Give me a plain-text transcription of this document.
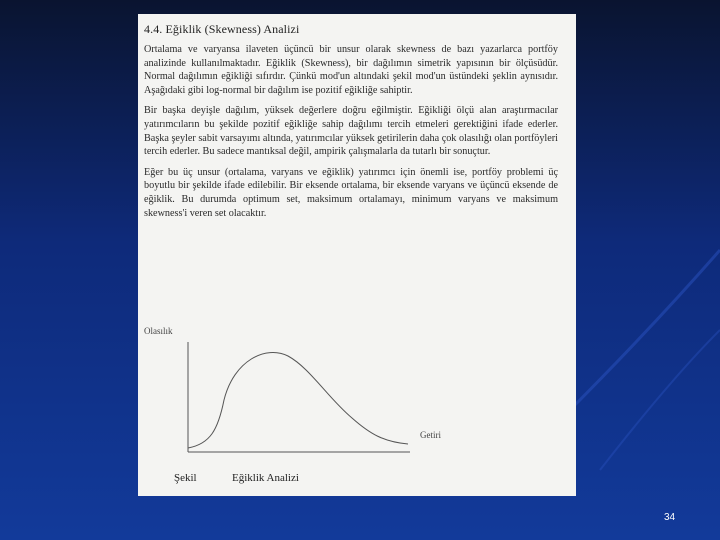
4.4. Eğiklik (Skewness) Analizi

Ortalama ve varyansa ilaveten üçüncü bir unsur olarak skewness de bazı yazarlarca portföy analizinde kullanılmaktadır. Eğiklik (Skewness), bir dağılımın simetrik yapısının bir ölçüsüdür. Normal dağılımın eğikliği sıfırdır. Çünkü mod'un altındaki şekil mod'un üstündeki şeklin aynısıdır. Aşağıdaki gibi log-normal bir dağılım ise pozitif eğikliğe sahiptir.

Bir başka deyişle dağılım, yüksek değerlere doğru eğilmiştir. Eğikliği ölçü alan araştırmacılar yatırımcıların bu şekilde pozitif eğikliğe sahip dağılımı tercih etmeleri gerektiğini ifade ederler. Başka şeyler sabit varsayımı altında, yatırımcılar yüksek getirilerin daha çok olasılığı olan portföyleri tercih ederler. Bu sadece mantıksal değil, ampirik çalışmalarla da tutarlı bir sonuçtur.

Eğer bu üç unsur (ortalama, varyans ve eğiklik) yatırımcı için önemli ise, portföy problemi üç boyutlu bir şekilde ifade edilebilir. Bir eksende ortalama, bir eksende varyans ve üçüncü eksende de eğiklik. Bu durumda optimum set, maksimum ortalamayı, minimum varyans ve maksimum skewness'i veren set olacaktır.

Olasılık
Getiri
Şekil	Eğiklik Analizi
34
